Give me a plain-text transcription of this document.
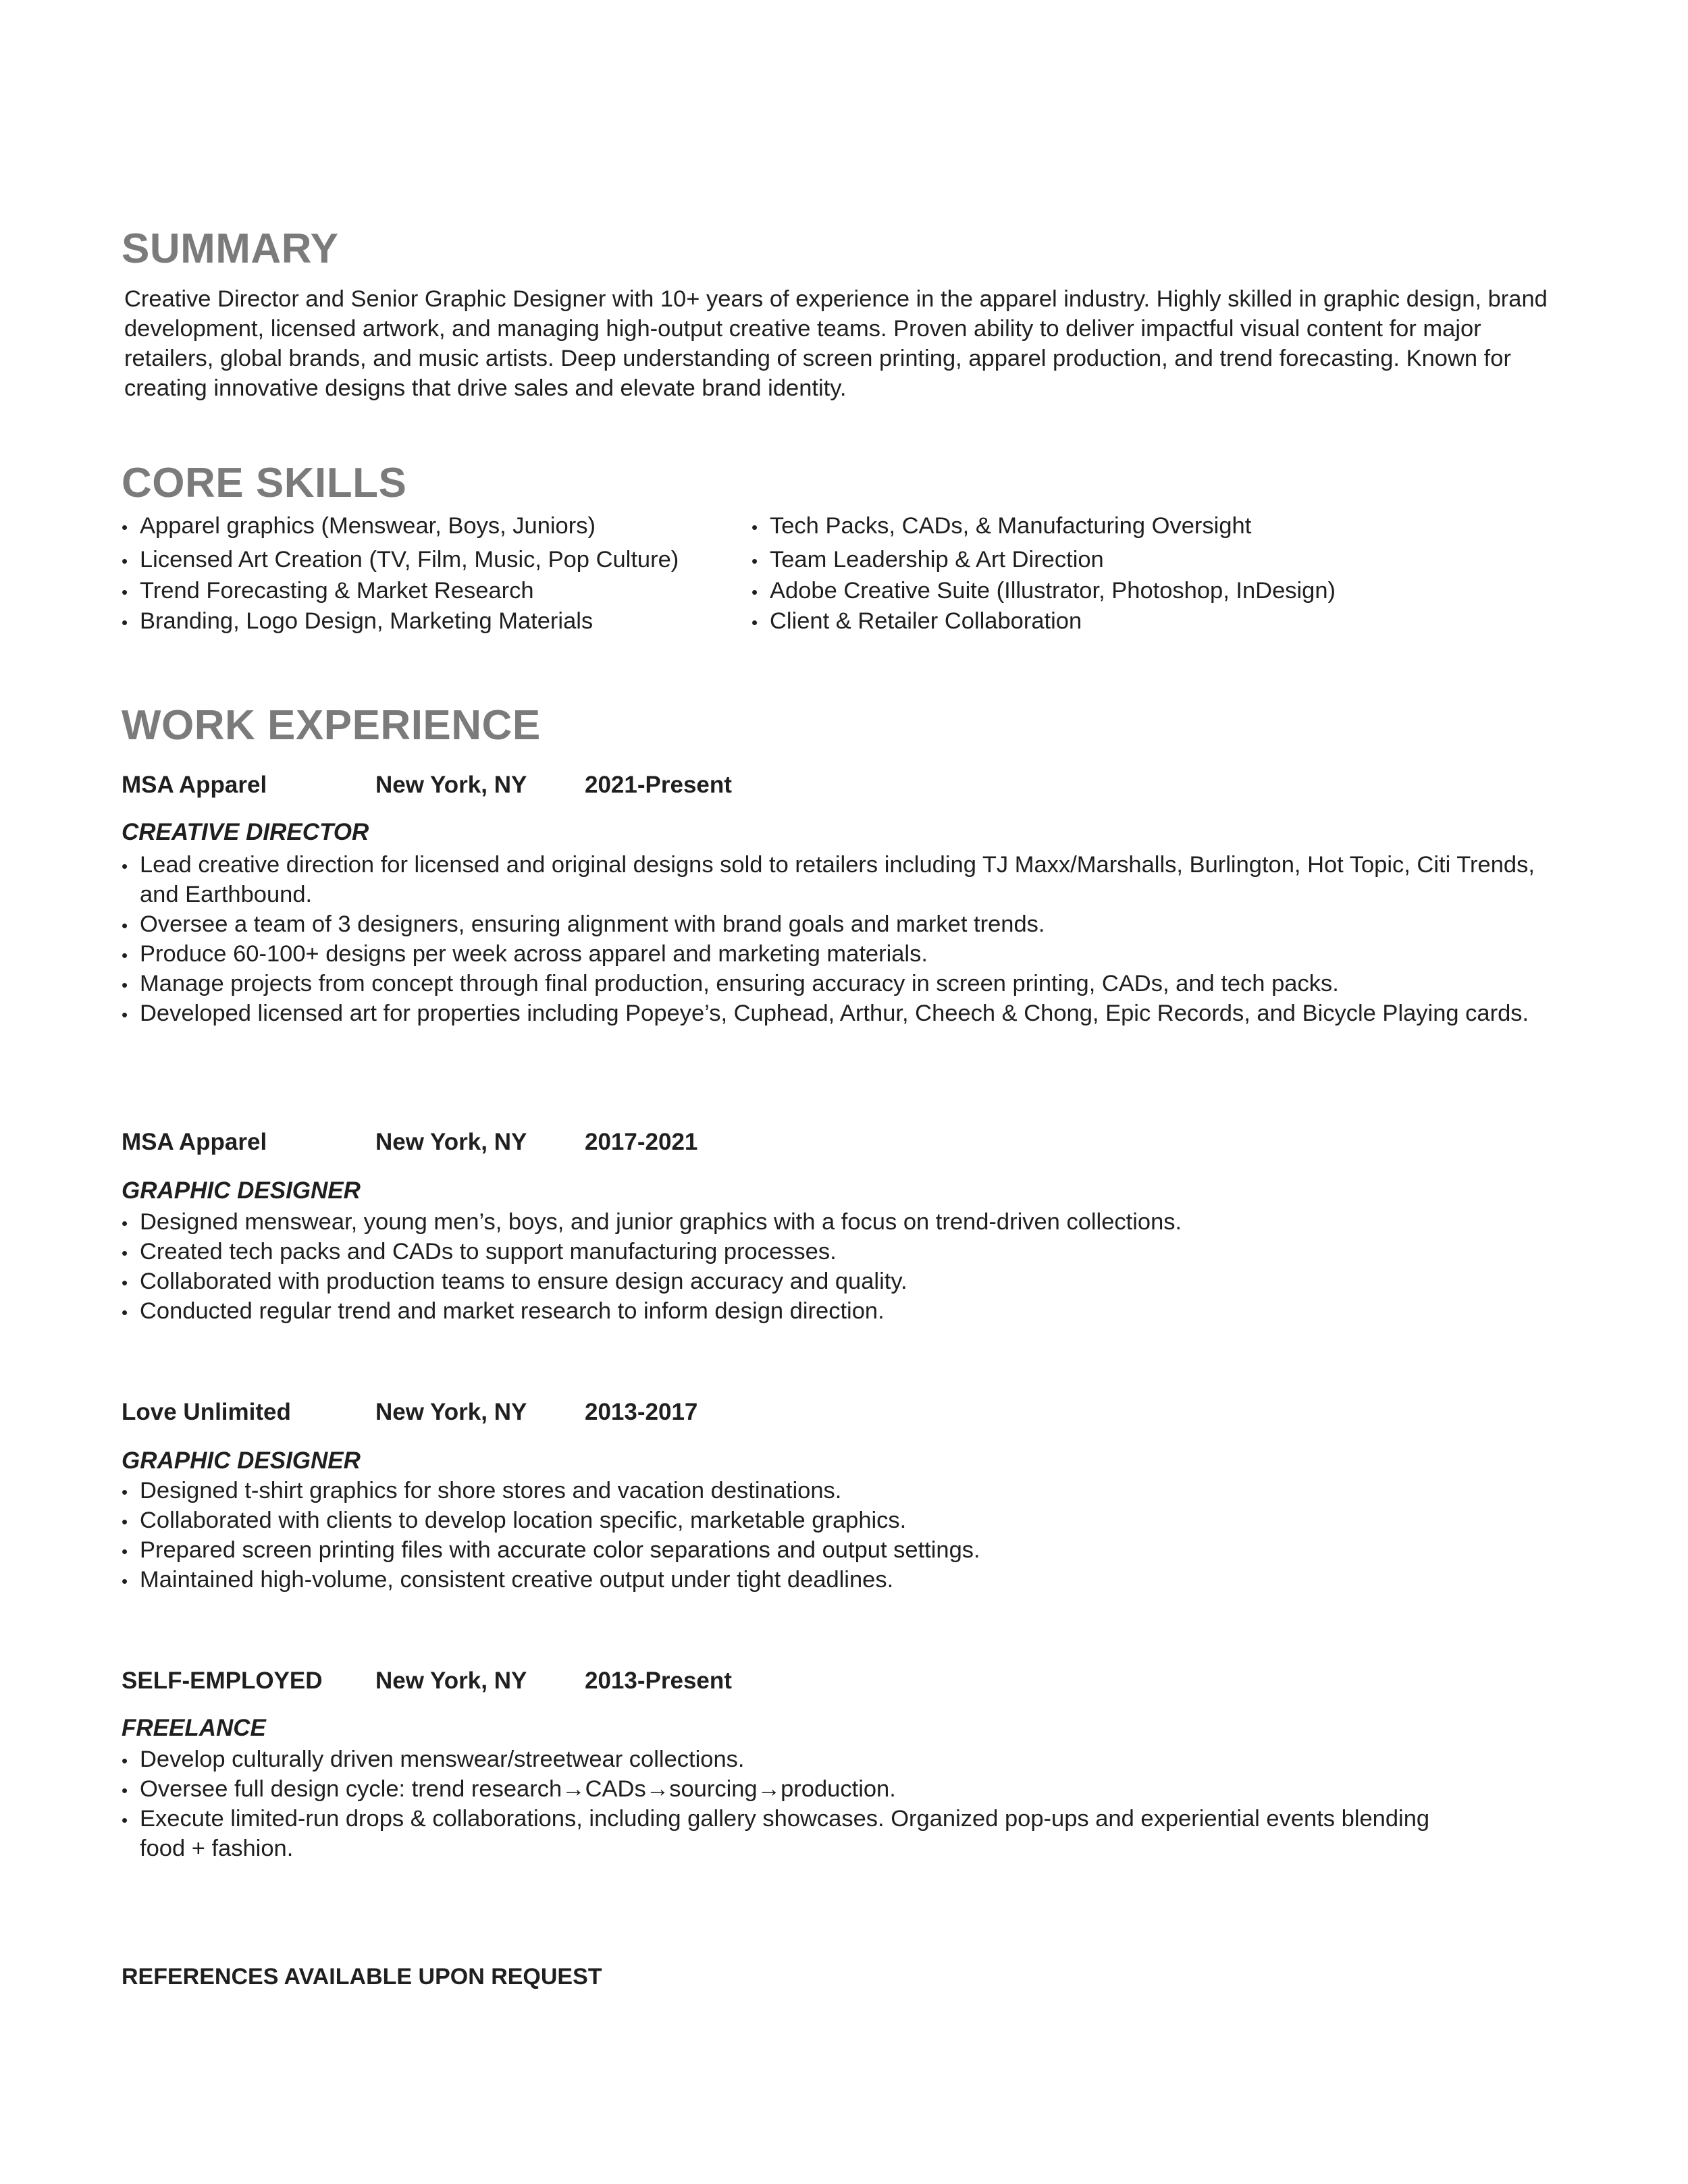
SUMMARY

Creative Director and Senior Graphic Designer with 10+ years of experience in the apparel industry. Highly skilled in graphic design, brand development, licensed artwork, and managing high-output creative teams. Proven ability to deliver impactful visual content for major retailers, global brands, and music artists. Deep understanding of screen printing, apparel production, and trend forecasting. Known for creating innovative designs that drive sales and elevate brand identity.

CORE SKILLS
• Apparel graphics (Menswear, Boys, Juniors)
• Licensed Art Creation (TV, Film, Music, Pop Culture)
• Trend Forecasting & Market Research
• Branding, Logo Design, Marketing Materials
• Tech Packs, CADs, & Manufacturing Oversight
• Team Leadership & Art Direction
• Adobe Creative Suite (Illustrator, Photoshop, InDesign)
• Client & Retailer Collaboration
WORK EXPERIENCE
MSA Apparel	New York, NY 2021-Present
CREATIVE DIRECTOR
• Lead creative direction for licensed and original designs sold to retailers including TJ Maxx/Marshalls, Burlington, Hot Topic, Citi Trends, and Earthbound.
• Oversee a team of 3 designers, ensuring alignment with brand goals and market trends.
• Produce 60-100+ designs per week across apparel and marketing materials.
• Manage projects from concept through final production, ensuring accuracy in screen printing, CADs, and tech packs.
• Developed licensed art for properties including Popeye’s, Cuphead, Arthur, Cheech & Chong, Epic Records, and Bicycle Playing cards.
MSA Apparel	New York, NY 2017-2021
GRAPHIC DESIGNER
• Designed menswear, young men’s, boys, and junior graphics with a focus on trend-driven collections.
• Created tech packs and CADs to support manufacturing processes.
• Collaborated with production teams to ensure design accuracy and quality.
• Conducted regular trend and market research to inform design direction.
Love Unlimited	New York, NY 2013-2017
GRAPHIC DESIGNER
• Designed t-shirt graphics for shore stores and vacation destinations.
• Collaborated with clients to develop location specific, marketable graphics.
• Prepared screen printing files with accurate color separations and output settings.
• Maintained high-volume, consistent creative output under tight deadlines.
SELF-EMPLOYED New York, NY 2013-Present
FREELANCE
• Develop culturally driven menswear/streetwear collections.
• Oversee full design cycle: trend research→CADs→sourcing→production.
• Execute limited-run drops & collaborations, including gallery showcases. Organized pop-ups and experiential events blending food + fashion.
REFERENCES AVAILABLE UPON REQUEST
